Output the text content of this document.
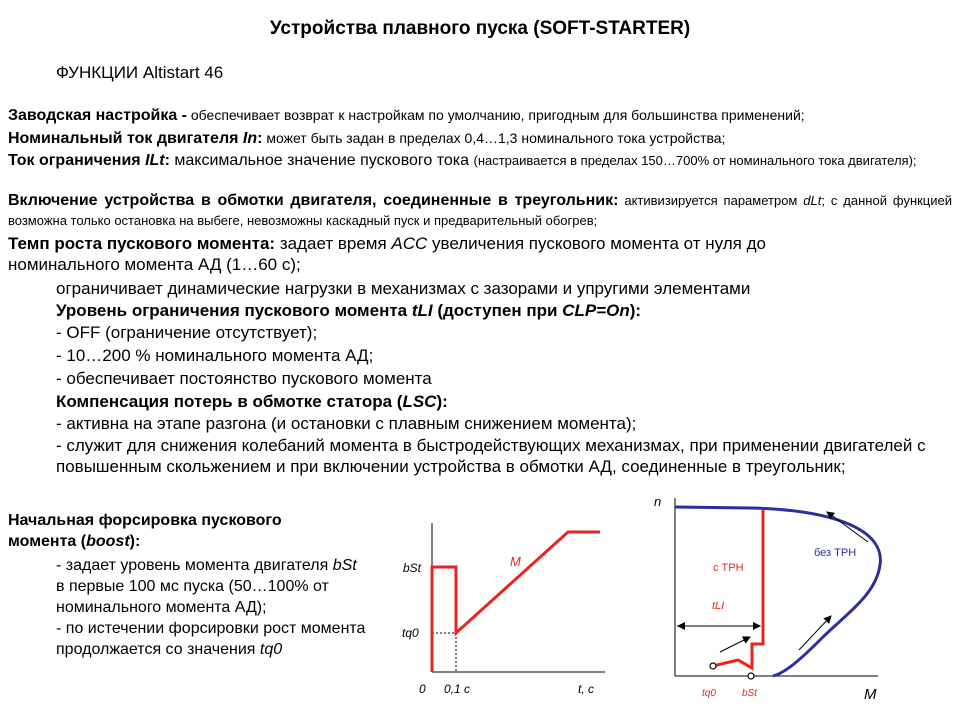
Устройства плавного пуска (SOFT-STARTER)
ФУНКЦИИ Altistart 46
Заводская настройка - обеспечивает возврат к настройкам по умолчанию, пригодным для большинства применений;
Номинальный ток двигателя In: может быть задан в пределах 0,4…1,3 номинального тока устройства;
Ток ограничения ILt: максимальное значение пускового тока (настраивается в пределах 150…700% от номинального тока двигателя);
Включение устройства в обмотки двигателя, соединенные в треугольник: активизируется параметром dLt; с данной функцией возможна только остановка на выбеге, невозможны каскадный пуск и предварительный обогрев;
Темп роста пускового момента: задает время ACC увеличения пускового момента от нуля до номинального момента АД (1…60 с);
ограничивает динамические нагрузки в механизмах с зазорами и упругими элементами
Уровень ограничения пускового момента tLI (доступен при CLP=On):
- OFF (ограничение отсутствует);
- 10…200 % номинального момента АД;
- обеспечивает постоянство пускового момента
Компенсация потерь в обмотке статора (LSC):
- активна на этапе разгона (и остановки с плавным снижением момента);
- служит для снижения колебаний момента в быстродействующих механизмах, при применении двигателей с повышенным скольжением и при включении устройства в обмотки АД, соединенные в треугольник;
Начальная форсировка пускового момента (boost):
- задает уровень момента двигателя bSt в первые 100 мс пуска (50…100% от номинального момента АД);
- по истечении форсировки рост момента продолжается со значения tq0
bSt
tq0
M
0 0,1 с	t, с
n
с ТРН
без ТРН
tLI
tq0	bSt	M
